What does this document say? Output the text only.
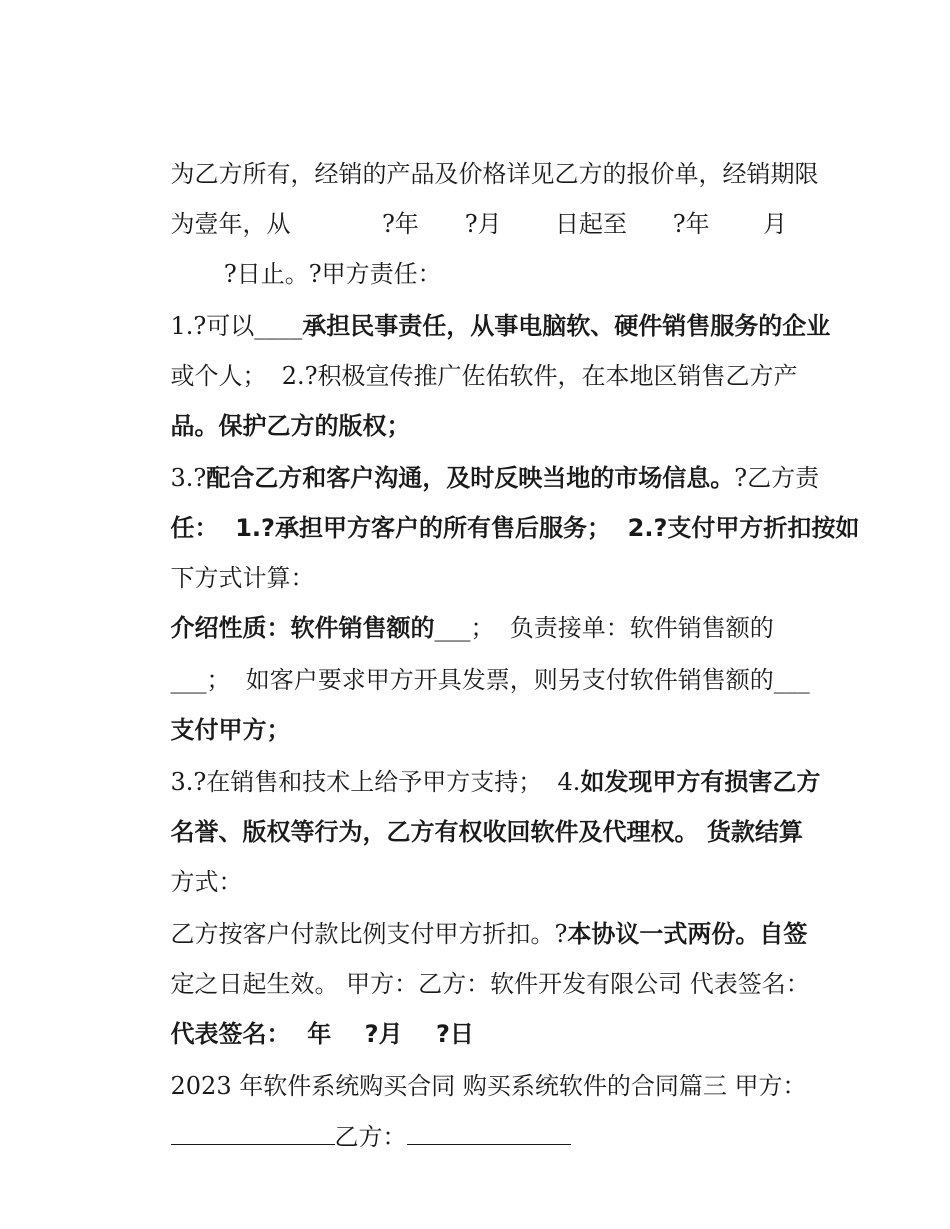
为乙方所有，经销的产品及价格详见乙方的报价单，经销期限

为壹年，从            ?年      ?月       日起至      ?年       月

?日止。?甲方责任：

1.?可以____承担民事责任，从事电脑软、硬件销售服务的企业

或个人；  2.?积极宣传推广佐佑软件，在本地区销售乙方产

品。保护乙方的版权；

3.?配合乙方和客户沟通，及时反映当地的市场信息。?乙方责

任：  1.?承担甲方客户的所有售后服务；  2.?支付甲方折扣按如

下方式计算：

介绍性质：软件销售额的___；  负责接单：软件销售额的

___；  如客户要求甲方开具发票，则另支付软件销售额的___

支付甲方；

3.?在销售和技术上给予甲方支持；  4.如发现甲方有损害乙方

名誉、版权等行为，乙方有权收回软件及代理权。 货款结算

方式：

乙方按客户付款比例支付甲方折扣。?本协议一式两份。自签

定之日起生效。 甲方：乙方：软件开发有限公司 代表签名：

代表签名：  年    ?月    ?日

2023 年软件系统购买合同 购买系统软件的合同篇三 甲方：

乙方：
